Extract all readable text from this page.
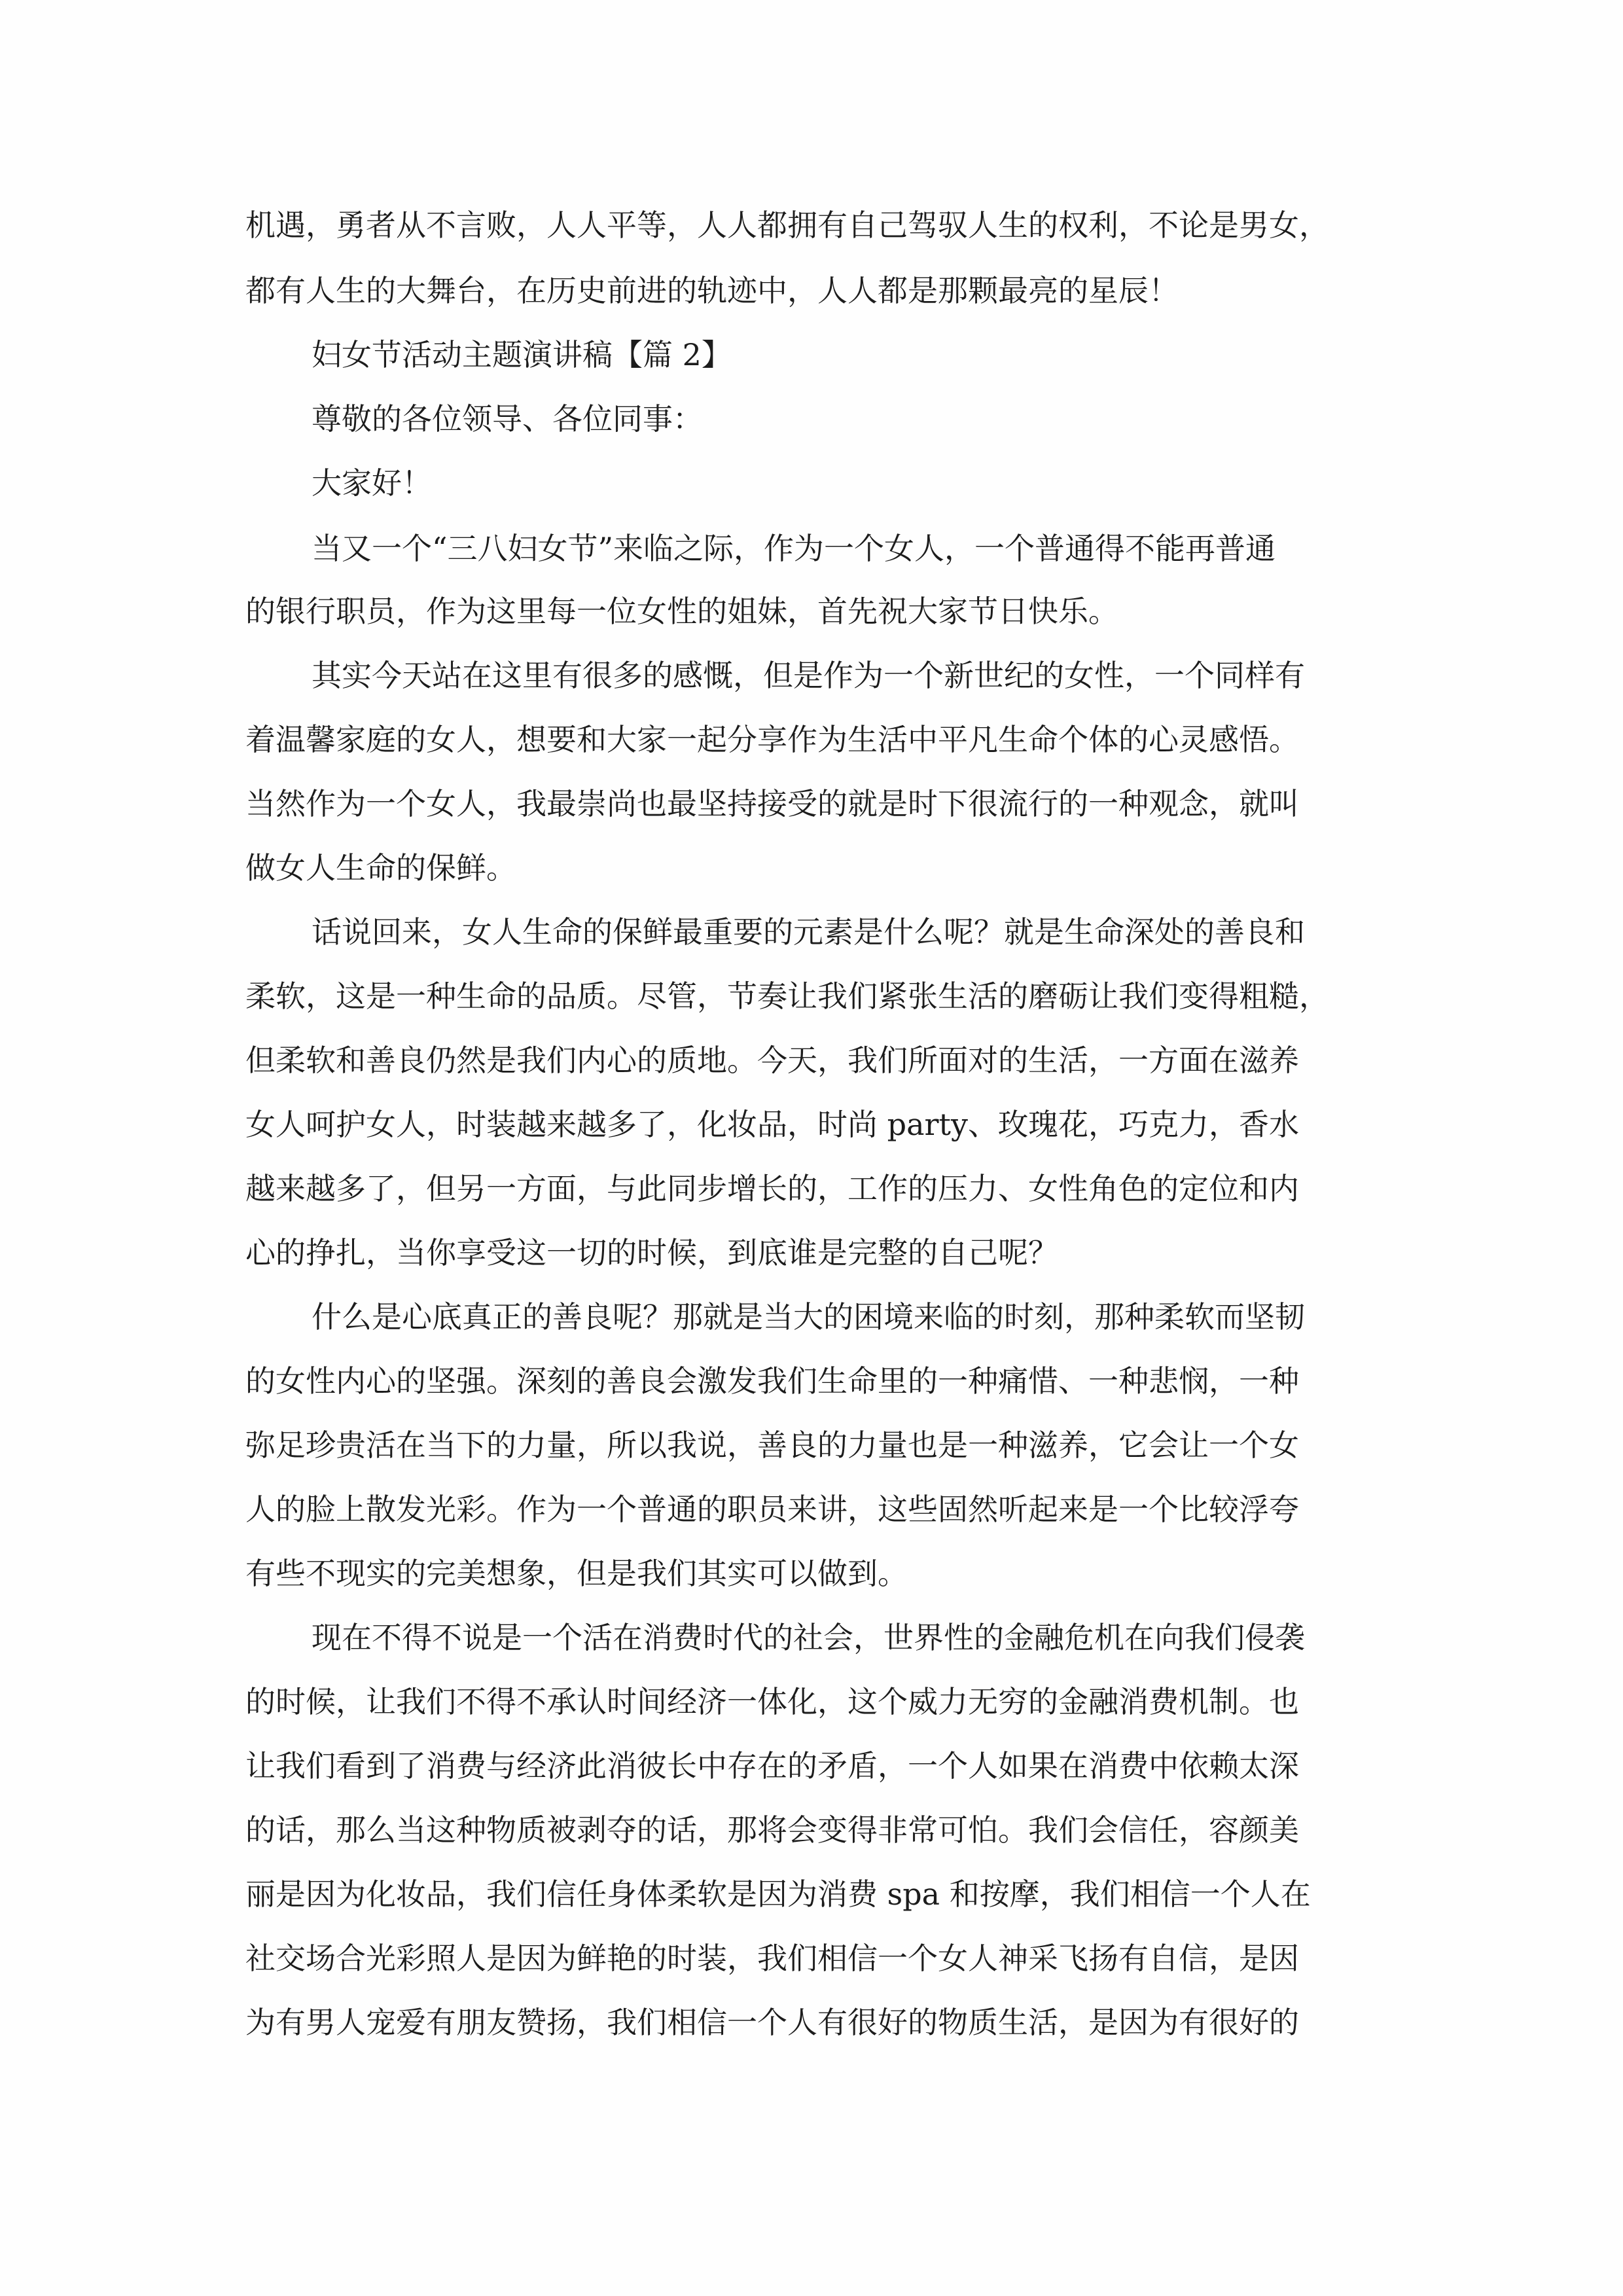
机遇，勇者从不言败，人人平等，人人都拥有自己驾驭人生的权利，不论是男女，

都有人生的大舞台，在历史前进的轨迹中，人人都是那颗最亮的星辰！

妇女节活动主题演讲稿【篇 2】

尊敬的各位领导、各位同事：

大家好！

当又一个“三八妇女节”来临之际，作为一个女人，一个普通得不能再普通

的银行职员，作为这里每一位女性的姐妹，首先祝大家节日快乐。

其实今天站在这里有很多的感慨，但是作为一个新世纪的女性，一个同样有

着温馨家庭的女人，想要和大家一起分享作为生活中平凡生命个体的心灵感悟。

当然作为一个女人，我最崇尚也最坚持接受的就是时下很流行的一种观念，就叫

做女人生命的保鲜。

话说回来，女人生命的保鲜最重要的元素是什么呢？就是生命深处的善良和

柔软，这是一种生命的品质。尽管，节奏让我们紧张生活的磨砺让我们变得粗糙，

但柔软和善良仍然是我们内心的质地。今天，我们所面对的生活，一方面在滋养

女人呵护女人，时装越来越多了，化妆品，时尚 party、玫瑰花，巧克力，香水

越来越多了，但另一方面，与此同步增长的，工作的压力、女性角色的定位和内

心的挣扎，当你享受这一切的时候，到底谁是完整的自己呢？

什么是心底真正的善良呢？那就是当大的困境来临的时刻，那种柔软而坚韧

的女性内心的坚强。深刻的善良会激发我们生命里的一种痛惜、一种悲悯，一种

弥足珍贵活在当下的力量，所以我说，善良的力量也是一种滋养，它会让一个女

人的脸上散发光彩。作为一个普通的职员来讲，这些固然听起来是一个比较浮夸

有些不现实的完美想象，但是我们其实可以做到。

现在不得不说是一个活在消费时代的社会，世界性的金融危机在向我们侵袭

的时候，让我们不得不承认时间经济一体化，这个威力无穷的金融消费机制。也

让我们看到了消费与经济此消彼长中存在的矛盾，一个人如果在消费中依赖太深

的话，那么当这种物质被剥夺的话，那将会变得非常可怕。我们会信任，容颜美

丽是因为化妆品，我们信任身体柔软是因为消费 spa 和按摩，我们相信一个人在

社交场合光彩照人是因为鲜艳的时装，我们相信一个女人神采飞扬有自信，是因

为有男人宠爱有朋友赞扬，我们相信一个人有很好的物质生活，是因为有很好的
